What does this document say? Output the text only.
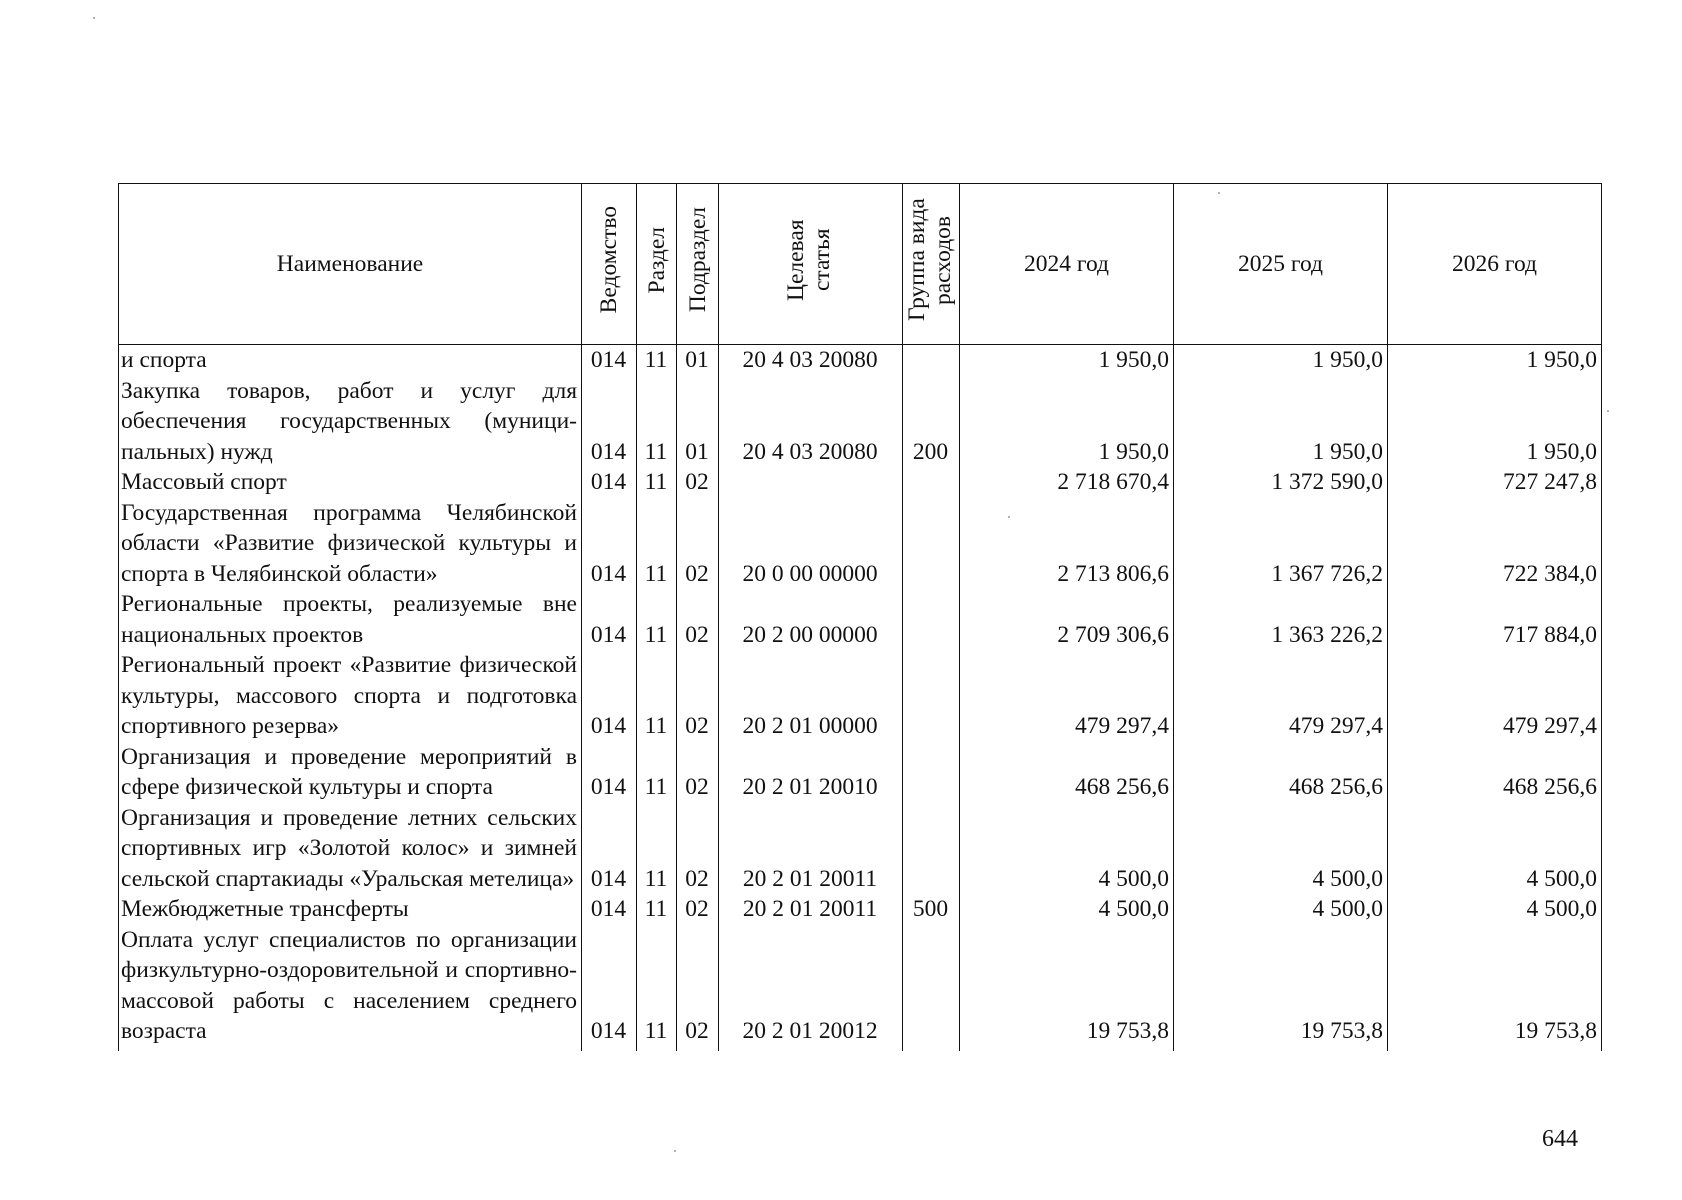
Наименование	Ведомство	Раздел	Подраздел	Целевая статья	Группа вида расходов	2024 год	2025 год	2026 год
и спорта	014	11	01	20 4 03 20080		1 950,0	1 950,0	1 950,0
Закупка товаров, работ и услуг для обеспечения государственных (муниципальных) нужд	014	11	01	20 4 03 20080	200	1 950,0	1 950,0	1 950,0
Массовый спорт	014	11	02			2 718 670,4	1 372 590,0	727 247,8
Государственная программа Челябинской области «Развитие физической культуры и спорта в Челябинской области»	014	11	02	20 0 00 00000		2 713 806,6	1 367 726,2	722 384,0
Региональные проекты, реализуемые вне национальных проектов	014	11	02	20 2 00 00000		2 709 306,6	1 363 226,2	717 884,0
Региональный проект «Развитие физической культуры, массового спорта и подготовка спортивного резерва»	014	11	02	20 2 01 00000		479 297,4	479 297,4	479 297,4
Организация и проведение мероприятий в сфере физической культуры и спорта	014	11	02	20 2 01 20010		468 256,6	468 256,6	468 256,6
Организация и проведение летних сельских спортивных игр «Золотой колос» и зимней сельской спартакиады «Уральская метелица»	014	11	02	20 2 01 20011		4 500,0	4 500,0	4 500,0
Межбюджетные трансферты	014	11	02	20 2 01 20011	500	4 500,0	4 500,0	4 500,0
Оплата услуг специалистов по организации физкультурно-оздоровительной и спортивно-массовой работы с населением среднего возраста	014	11	02	20 2 01 20012		19 753,8	19 753,8	19 753,8
644
